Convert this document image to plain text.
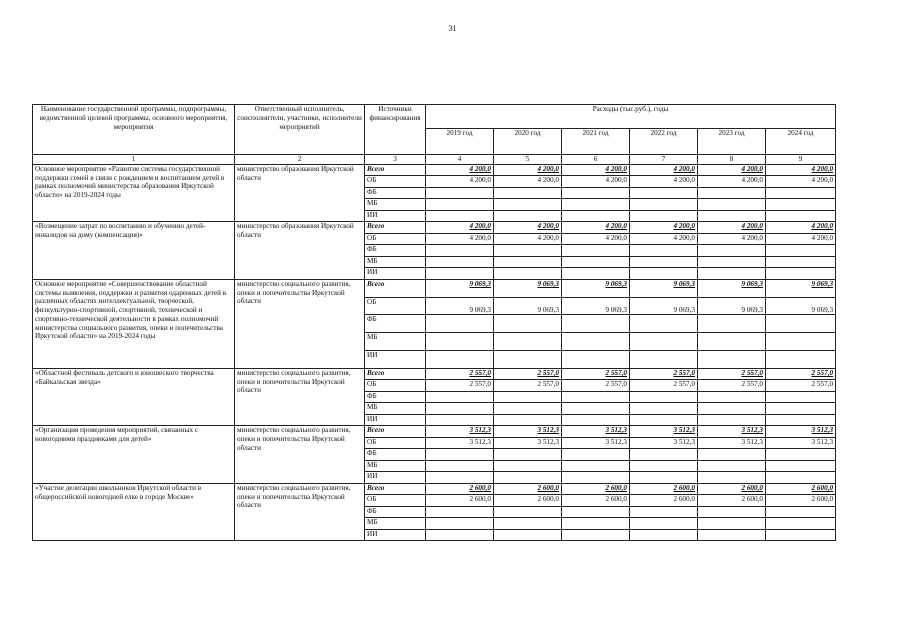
31
Наименование государственной программы, подпрограммы, ведомственной целевой программы, основного мероприятия, мероприятия	Ответственный исполнитель, соисполнители, участники, исполнители мероприятий	Источники финансирования	Расходы (тыс.руб.), годы					
			2019 год	2020 год	2021 год	2022 год	2023 год	2024 год
1	2	3	4	5	6	7	8	9
Основное мероприятие «Развитие системы государственной поддержки семей в связи с рождением и воспитанием детей в рамках полномочий министерства образования Иркутской области» на 2019-2024 годы	министерство образования Иркутской области	Всего	4 200,0	4 200,0	4 200,0	4 200,0	4 200,0	4 200,0
		ОБ	4 200,0	4 200,0	4 200,0	4 200,0	4 200,0	4 200,0
		ФБ						
		МБ						
		ИИ						
«Возмещение затрат по воспитанию и обучению детей-инвалидов на дому (компенсация)»	министерство образования Иркутской области	Всего	4 200,0	4 200,0	4 200,0	4 200,0	4 200,0	4 200,0
		ОБ	4 200,0	4 200,0	4 200,0	4 200,0	4 200,0	4 200,0
		ФБ						
		МБ						
		ИИ						
Основное мероприятие «Совершенствование областной системы выявления, поддержки и развития одаренных детей в различных областях интеллектуальной, творческой, физкультурно-спортивной, спортивной, технической и спортивно-технической деятельности в рамках полномочий министерства социального развития, опеки и попечительства Иркутской области» на 2019-2024 годы	министерство социального развития, опеки и попечительства Иркутской области	Всего	9 069,3	9 069,3	9 069,3	9 069,3	9 069,3	9 069,3
		ОБ	9 069,3	9 069,3	9 069,3	9 069,3	9 069,3	9 069,3
		ФБ						
		МБ						
		ИИ						
«Областной фестиваль детского и юношеского творчества «Байкальская звезда»	министерство социального развития, опеки и попечительства Иркутской области	Всего	2 557,0	2 557,0	2 557,0	2 557,0	2 557,0	2 557,0
		ОБ	2 557,0	2 557,0	2 557,0	2 557,0	2 557,0	2 557,0
		ФБ						
		МБ						
		ИИ						
«Организация проведения мероприятий, связанных с новогодними праздниками для детей»	министерство социального развития, опеки и попечительства Иркутской области	Всего	3 512,3	3 512,3	3 512,3	3 512,3	3 512,3	3 512,3
		ОБ	3 512,3	3 512,3	3 512,3	3 512,3	3 512,3	3 512,3
		ФБ						
		МБ						
		ИИ						
«Участие делегации школьников Иркутской области в общероссийской новогодней елке в городе Москве»	министерство социального развития, опеки и попечительства Иркутской области	Всего	2 600,0	2 600,0	2 600,0	2 600,0	2 600,0	2 600,0
		ОБ	2 600,0	2 600,0	2 600,0	2 600,0	2 600,0	2 600,0
		ФБ						
		МБ						
		ИИ						
